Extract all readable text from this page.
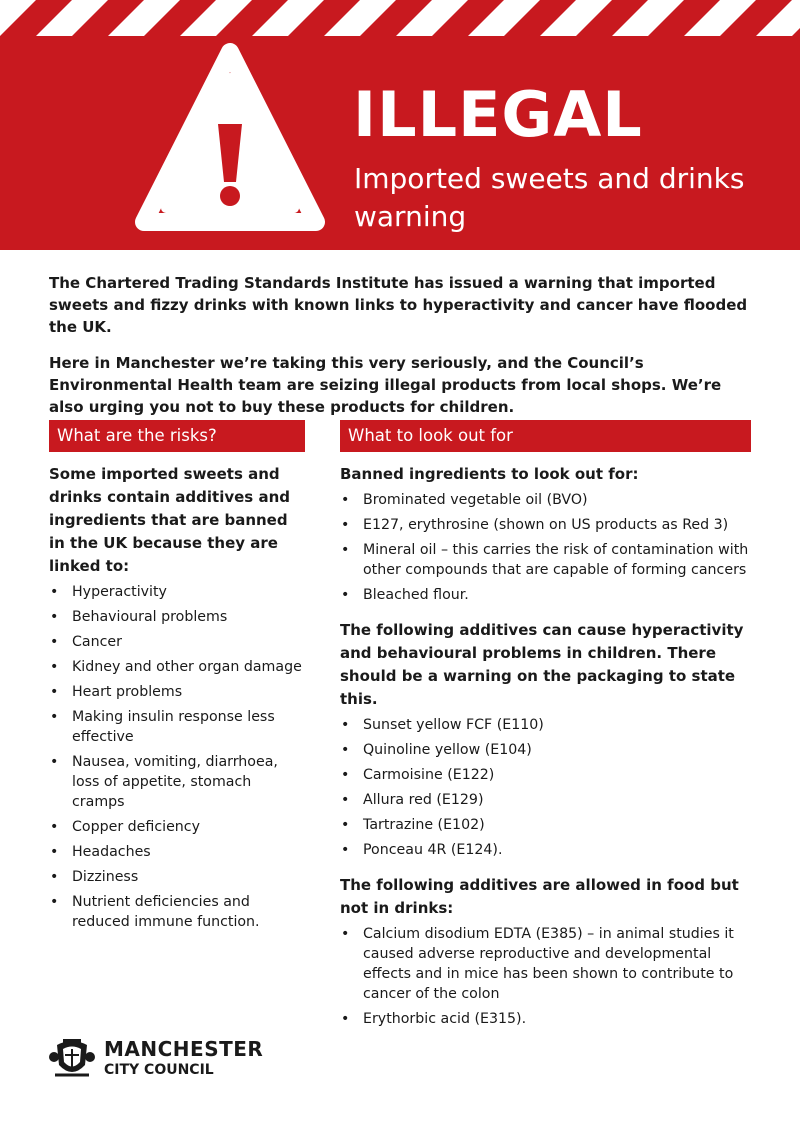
ILLEGAL
Imported sweets and drinks warning

The Chartered Trading Standards Institute has issued a warning that imported sweets and fizzy drinks with known links to hyperactivity and cancer have flooded the UK.

Here in Manchester we’re taking this very seriously, and the Council’s Environmental Health team are seizing illegal products from local shops. We’re also urging you not to buy these products for children.

What are the risks?

Some imported sweets and drinks contain additives and ingredients that are banned in the UK because they are linked to:

• Hyperactivity
• Behavioural problems
• Cancer
• Kidney and other organ damage
• Heart problems
• Making insulin response less effective
• Nausea, vomiting, diarrhoea, loss of appetite, stomach cramps
• Copper deficiency
• Headaches
• Dizziness
• Nutrient deficiencies and reduced immune function.
What to look out for

Banned ingredients to look out for:

• Brominated vegetable oil (BVO)
• E127, erythrosine (shown on US products as Red 3)
• Mineral oil – this carries the risk of contamination with other compounds that are capable of forming cancers
• Bleached flour.

The following additives can cause hyperactivity and behavioural problems in children. There should be a warning on the packaging to state this.

• Sunset yellow FCF (E110)
• Quinoline yellow (E104)
• Carmoisine (E122)
• Allura red (E129)
• Tartrazine (E102)
• Ponceau 4R (E124).

The following additives are allowed in food but not in drinks:

• Calcium disodium EDTA (E385) – in animal studies it caused adverse reproductive and developmental effects and in mice has been shown to contribute to cancer of the colon
• Erythorbic acid (E315).
MANCHESTER
CITY COUNCIL
